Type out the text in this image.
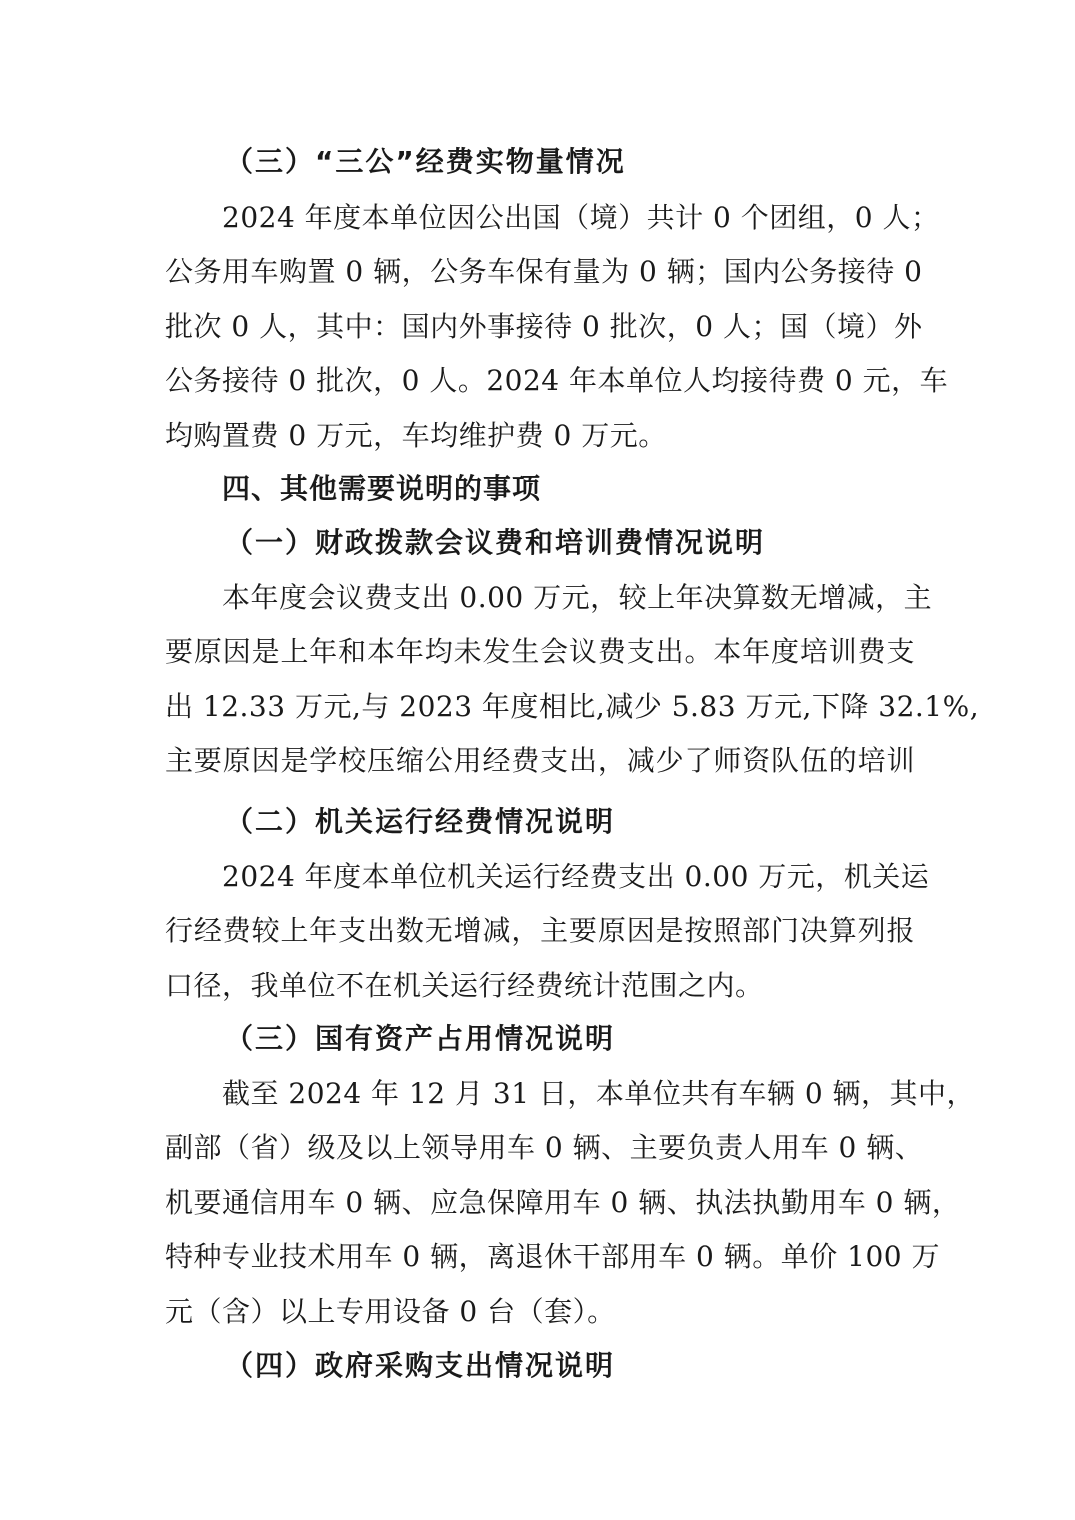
（三）“三公”经费实物量情况
2024 年度本单位因公出国（境）共计 0 个团组，0 人；
公务用车购置 0 辆，公务车保有量为 0 辆；国内公务接待 0
批次 0 人，其中：国内外事接待 0 批次，0 人；国（境）外
公务接待 0 批次，0 人。2024 年本单位人均接待费 0 元，车
均购置费 0 万元，车均维护费 0 万元。
四、其他需要说明的事项
（一）财政拨款会议费和培训费情况说明
本年度会议费支出 0.00 万元，较上年决算数无增减，主
要原因是上年和本年均未发生会议费支出。本年度培训费支
出 12.33 万元,与 2023 年度相比,减少 5.83 万元,下降 32.1%,
主要原因是学校压缩公用经费支出，减少了师资队伍的培训
（二）机关运行经费情况说明
2024 年度本单位机关运行经费支出 0.00 万元，机关运
行经费较上年支出数无增减，主要原因是按照部门决算列报
口径，我单位不在机关运行经费统计范围之内。
（三）国有资产占用情况说明
截至 2024 年 12 月 31 日，本单位共有车辆 0 辆，其中，
副部（省）级及以上领导用车 0 辆、主要负责人用车 0 辆、
机要通信用车 0 辆、应急保障用车 0 辆、执法执勤用车 0 辆，
特种专业技术用车 0 辆，离退休干部用车 0 辆。单价 100 万
元（含）以上专用设备 0 台（套）。
（四）政府采购支出情况说明
